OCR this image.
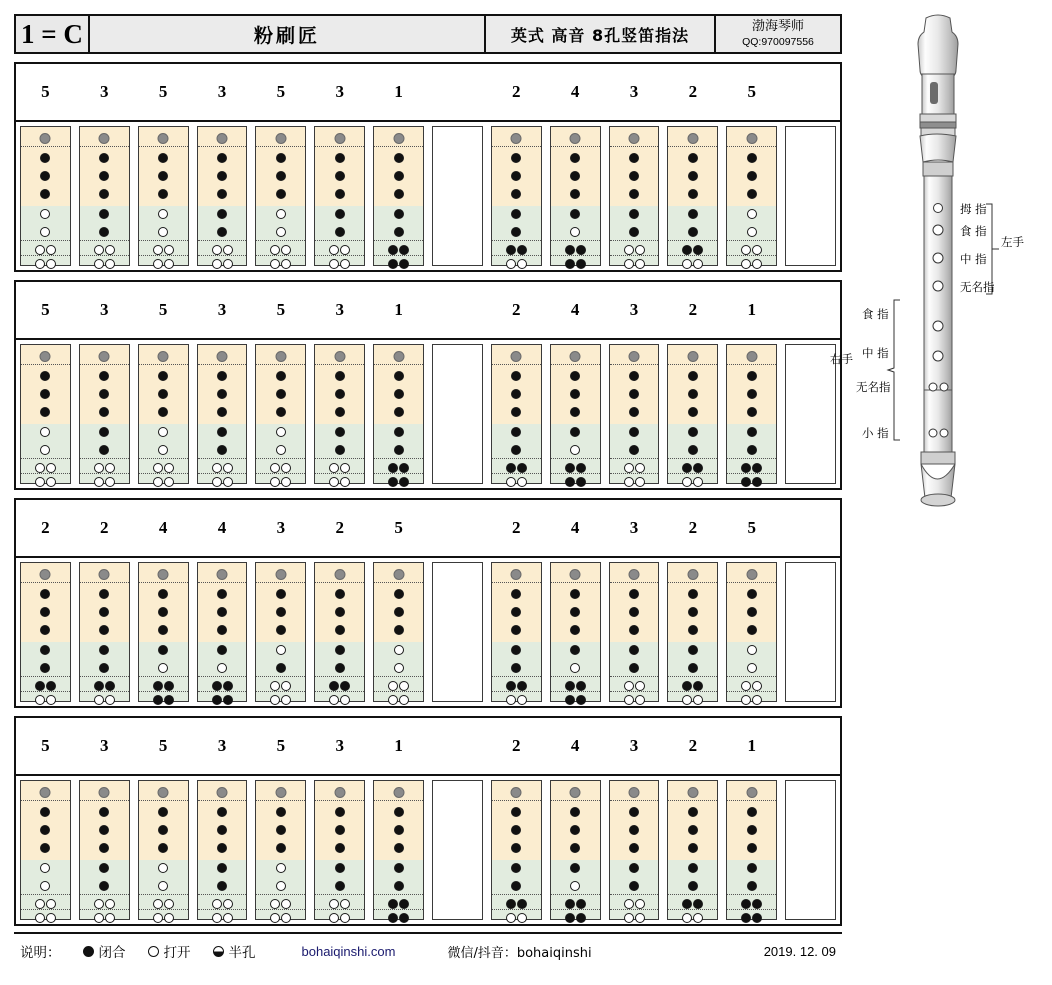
1 = C	粉刷匠	英式 高音 8孔竖笛指法	渤海琴师
QQ:970097556
5	3	5	3	5	3	1	2	4	3	2	5
5	3	5	3	5	3	1	2	4	3	2	1
2	2	4	4	3	2	5	2	4	3	2	5
5	3	5	3	5	3	1	2	4	3	2	1
说明：	闭合	打开	半孔	bohaiqinshi.com	微信/抖音：bohaiqinshi	2019. 12. 09
拇 指
食 指
中 指
无名指
左手
食 指
中 指
无名指
小 指
右手
